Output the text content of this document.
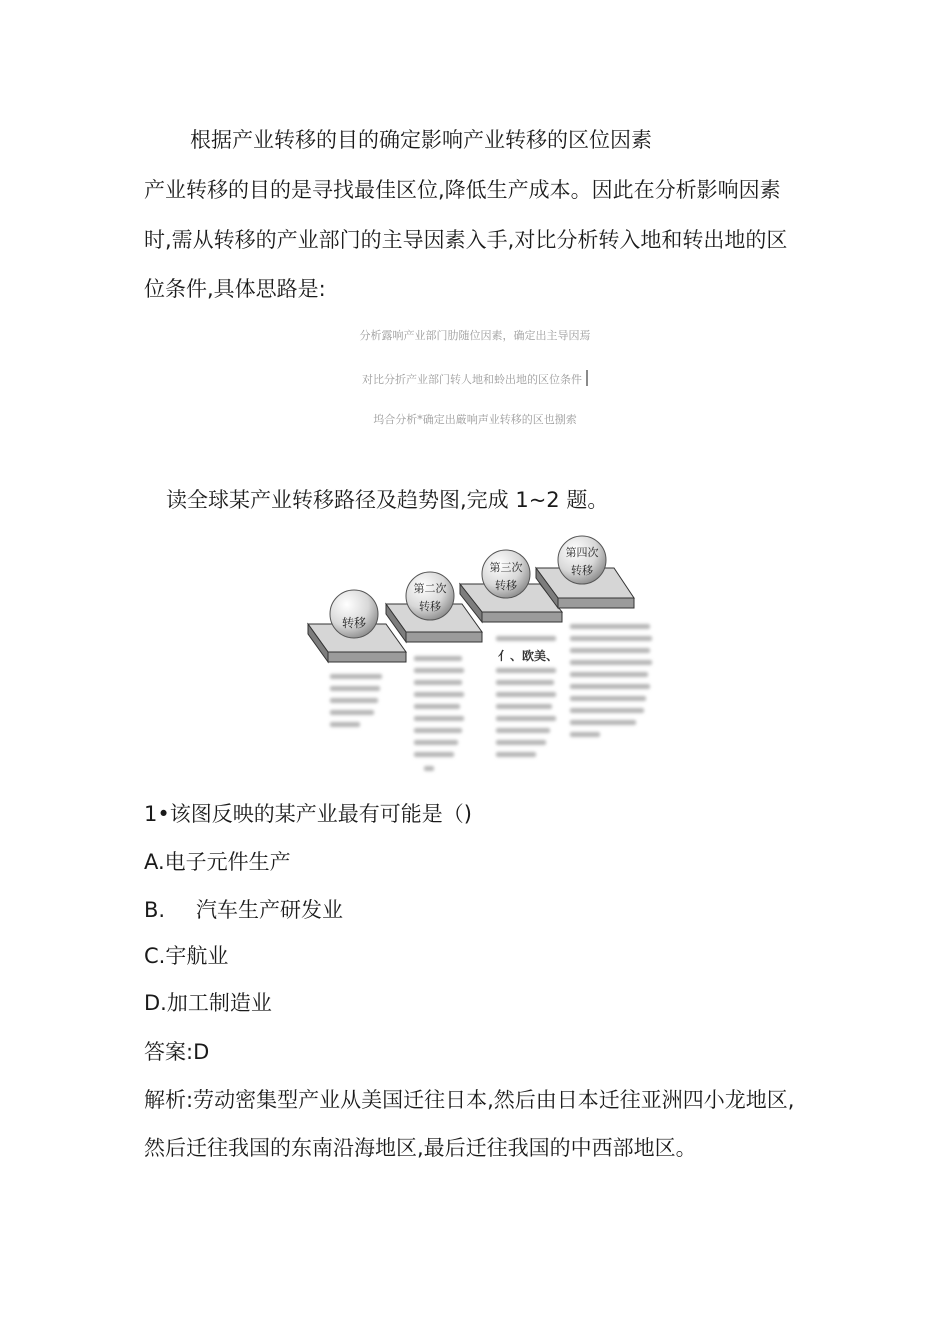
根据产业转移的目的确定影响产业转移的区位因素
产业转移的目的是寻找最佳区位,降低生产成本。因此在分析影响因素
时,需从转移的产业部门的主导因素入手,对比分析转入地和转出地的区
位条件,具体思路是:
分析露响产业部门肋随位因素，确定出主导因焉
对比分折产业部门转人地和蛉出地的区位条件
坞合分析*确定出厳响声业转移的区也捌索
读全球某产业转移路径及趋势图,完成 1~2 题。
亻、欧美、
转移
第二次
转移
第三次
转移
第四次
转移
1•该图反映的某产业最有可能是（)
A.电子元件生产
B. 汽车生产研发业
C.宇航业
D.加工制造业
答案:D
解析:劳动密集型产业从美国迁往日本,然后由日本迁往亚洲四小龙地区,
然后迁往我国的东南沿海地区,最后迁往我国的中西部地区。
